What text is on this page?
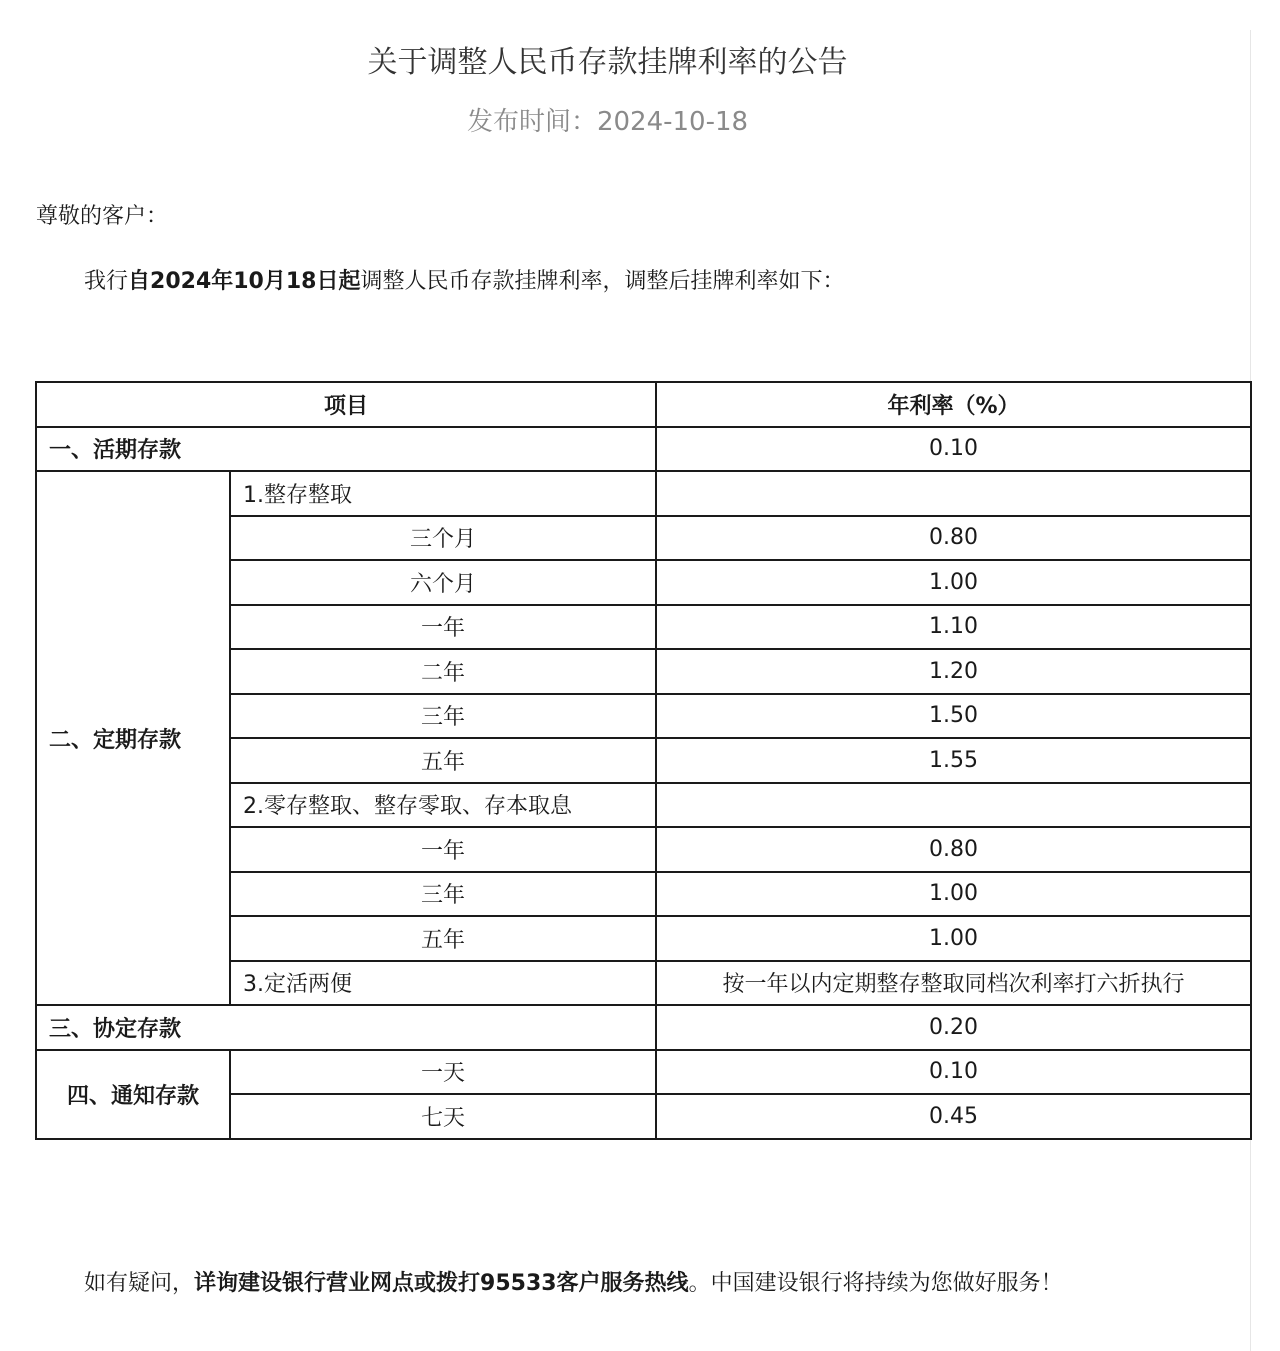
关于调整人民币存款挂牌利率的公告
发布时间：2024-10-18
尊敬的客户：
我行自2024年10月18日起调整人民币存款挂牌利率，调整后挂牌利率如下：
项目		年利率（%）
一、活期存款		0.10
二、定期存款	1.整存整取	
	三个月	0.80
	六个月	1.00
	一年	1.10
	二年	1.20
	三年	1.50
	五年	1.55
	2.零存整取、整存零取、存本取息	
	一年	0.80
	三年	1.00
	五年	1.00
	3.定活两便	按一年以内定期整存整取同档次利率打六折执行
三、协定存款		0.20
四、通知存款	一天	0.10
	七天	0.45
如有疑问，详询建设银行营业网点或拨打95533客户服务热线。中国建设银行将持续为您做好服务！
